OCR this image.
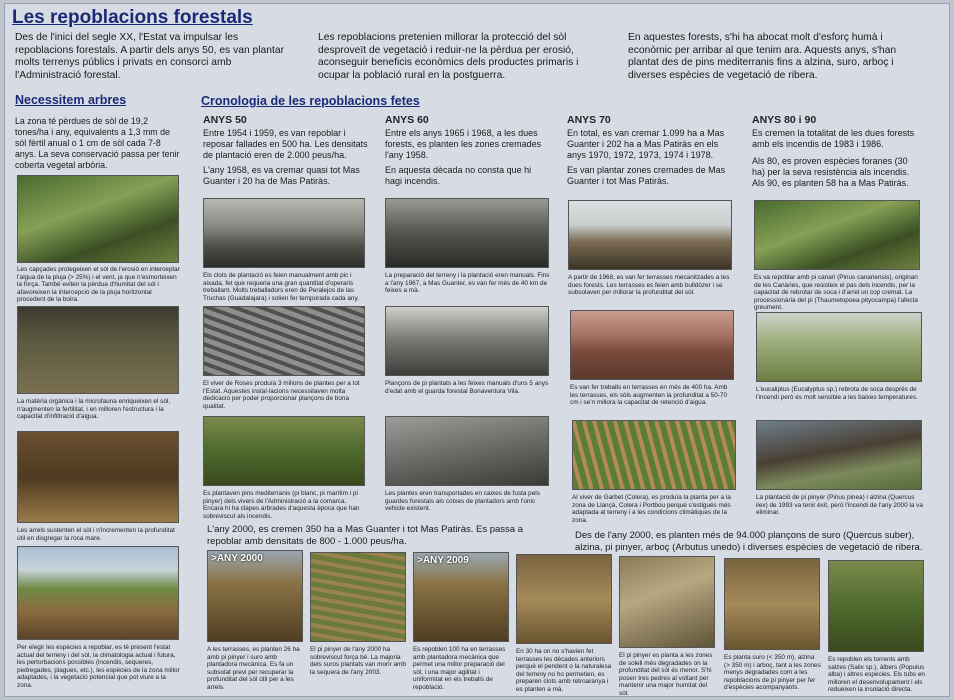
Les repoblacions forestals
Des de l'inici del segle XX, l'Estat va impulsar les repoblacions forestals. A partir dels anys 50, es van plantar molts terrenys públics i privats en consorci amb l'Administració forestal.
Les repoblacions pretenien millorar la protecció del sòl desproveït de vegetació i reduir-ne la pèrdua per erosió, aconseguir beneficis econòmics dels productes primaris i ocupar la població rural en la postguerra.
En aquestes forests, s'hi ha abocat molt d'esforç humà i econòmic per arribar al que tenim ara. Aquests anys, s'han plantat des de pins mediterranis fins a alzina, suro, arboç i diverses espècies de vegetació de ribera.
Necessitem arbres
La zona té pèrdues de sòl de 19,2 tones/ha i any, equivalents a 1,3 mm de sòl fèrtil anual o 1 cm de sòl cada 7-8 anys. La seva conservació passa per tenir coberta vegetal arbòria.
Les capçades protegeixen el sòl de l'erosió en interceptar l'aigua de la pluja (> 25%) i el vent, ja que n'esmorteixen la força. També eviten la pèrdua d'humitat del sòl i afavoreixen la intercepció de la pluja horitzontal procedent de la boira.
La matèria orgànica i la microfauna enriqueixen el sòl, n'augmenten la fertilitat, i en milloren l'estructura i la capacitat d'infiltració d'aigua.
Les arrels sustenten el sòl i n'incrementen la profunditat útil en disgregar la roca mare.
Per elegir les espècies a repoblar, es té present l'estat actual del terreny i del sòl, la climatologia actual i futura, les pertorbacions possibles (incendis, sequeres, pedregades, plagues, etc.), les espècies de la zona millor adaptades, i la vegetació potencial que pot viure a la zona.
Cronologia de les repoblacions fetes
ANYS 50
Entre 1954 i 1959, es van repoblar i reposar fallades en 500 ha. Les densitats de plantació eren de 2.000 peus/ha.
L'any 1958, es va cremar quasi tot Mas Guanter i 20 ha de Mas Patiràs.
Els clots de plantació es feien manualment amb pic i aixada, fet que requeria una gran quantitat d'operaris treballant. Molts treballadors eren de Peralejos de las Truchas (Guadalajara) i solien fer temporada cada any.
El viver de Roses produïa 3 milions de plantes per a tot l'Estat. Aquestes instal·lacions necessitaven molta dedicació per poder proporcionar plançons de bona qualitat.
Es plantaven pins mediterranis (pi blanc, pi marítim i pi pinyer) dels vivers de l'Administració a la comarca. Encara hi ha clapes arbrades d'aquesta època que han sobreviscut als incendis.
ANYS 60
Entre els anys 1965 i 1968, a les dues forests, es planten les zones cremades l'any 1958.
En aquesta dècada no consta que hi hagi incendis.
La preparació del terreny i la plantació eren manuals. Fins a l'any 1967, a Mas Guanter, es van fer més de 40 km de feixes a mà.
Plançons de pi plantats a les feixes manuals d'uns 5 anys d'edat amb el guarda forestal Bonaventura Vila.
Les plantes eren transportades en caixes de fusta pels guardes forestals als cotxes de plantadors amb l'únic vehicle existent.
ANYS 70
En total, es van cremar 1.099 ha a Mas Guanter i 202 ha a Mas Patiràs en els anys 1970, 1972, 1973, 1974 i 1978.
Es van plantar zones cremades de Mas Guanter i tot Mas Patiràs.
A partir de 1968, es van fer terrasses mecanitzades a les dues forests. Les terrasses es feien amb bulldòzer i se subsolaven per millorar la profunditat del sòl.
Es van fer treballs en terrasses en més de 400 ha. Amb les terrasses, els sòls augmenten la profunditat a 50-70 cm i se'n millora la capacitat de retenció d'aigua.
Al viver de Garbet (Colera), es produïa la planta per a la zona de Llançà, Colera i Portbou perquè s'estigués més adaptada al terreny i a les condicions climàtiques de la zona.
ANYS 80 i 90
Es cremen la totalitat de les dues forests amb els incendis de 1983 i 1986.
Als 80, es proven espècies foranes (30 ha) per la seva resistència als incendis. Als 90, es planten 58 ha a Mas Patiràs.
Es va repoblar amb pi canari (Pinus canariensis), originari de les Canàries, que resisteix el pas dels incendis, per la capacitat de rebrotar de soca i d'arrel un cop cremat. La processionària del pi (Thaumetopoea pityocampa) l'afecta greument.
L'eucaliptus (Eucalyptus sp.) rebrota de soca després de l'incendi però és molt sensible a les baixes temperatures.
La plantació de pi pinyer (Pinus pinea) i alzina (Quercus ilex) de 1993 va tenir èxit, però l'incendi de l'any 2000 la va eliminar.
L'any 2000, es cremen 350 ha a Mas Guanter i tot Mas Patiràs. Es passa a repoblar amb densitats de 800 - 1.000 peus/ha.
Des de l'any 2000, es planten més de 94.000 plançons de suro (Quercus suber), alzina, pi pinyer, arboç (Arbutus unedo) i diverses espècies de vegetació de ribera.
>ANY 2000
A les terrasses, es planten 26 ha amb pi pinyer i suro amb plantadora mecànica. Es fa un subsolat previ per recuperar la profunditat del sòl útil per a les arrels.
El pi pinyer de l'any 2000 ha sobreviscut força bé. La majoria dels suros plantats van morir amb la sequera de l'any 2003.
>ANY 2009
Es repoblen 100 ha en terrasses amb plantadora mecànica que permet una millor preparació del sòl, i una major agilitat i uniformitat en els treballs de repoblació.
En 30 ha on no s'havien fet terrasses les dècades anteriors perquè el pendent o la naturalesa del terreny no ho permetien, es preparen clots amb retroaranya i es planten a mà.
El pi pinyer es planta a les zones de solell més degradades on la profunditat del sòl és menor. S'hi posen tres pedres al voltant per mantenir una major humitat del sòl.
Es planta suro (< 350 m), alzina (> 350 m) i arboç, tant a les zones menys degradades com a les repoblacions de pi pinyer per fer d'espècies acompanyants.
Es repoblen els torrents amb salzes (Salix sp.), àlbers (Populus alba) i altres espècies. Els tubs en milloren el desenvolupament i els redueixen la insolació directa.
